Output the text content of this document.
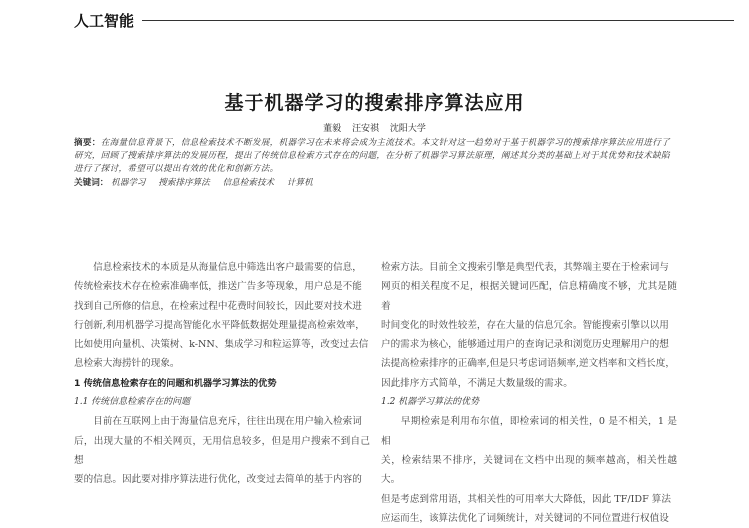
人工智能
基于机器学习的搜索排序算法应用
董毅 汪安祺 沈阳大学
摘要：在海量信息背景下，信息检索技术不断发展，机器学习在未来将会成为主流技术。本文针对这一趋势对于基于机器学习的搜索排序算法应用进行了研究，回顾了搜索排序算法的发展历程，提出了传统信息检索方式存在的问题，在分析了机器学习算法原理，阐述其分类的基础上对于其优势和技术缺陷进行了探讨，希望可以提出有效的优化和创新方法。
关键词： 机器学习 搜索排序算法 信息检索技术 计算机

　　信息检索技术的本质是从海量信息中筛选出客户最需要的信息，

传统检索技术存在检索准确率低，推送广告多等现象，用户总是不能

找到自己所修的信息，在检索过程中花费时间较长，因此要对技术进

行创新,利用机器学习提高智能化水平降低数据处理量提高检索效率，

比如使用向量机、决策树、k-NN、集成学习和粒运算等，改变过去信

息检索大海捞针的现象。

1 传统信息检索存在的问题和机器学习算法的优势

1.1 传统信息检索存在的问题

　　目前在互联网上由于海量信息充斥，往往出现在用户输入检索词

后，出现大量的不相关网页，无用信息较多，但是用户搜索不到自己想

要的信息。因此要对排序算法进行优化，改变过去简单的基于内容的

检索方法。目前全文搜索引擎是典型代表，其弊端主要在于检索词与

网页的相关程度不足，根据关键词匹配，信息精确度不够，尤其是随着

时间变化的时效性较差，存在大量的信息冗余。智能搜索引擎以以用

户的需求为核心，能够通过用户的查询记录和浏览历史理解用户的想

法提高检索排序的正确率,但是只考虑词语频率,逆文档率和文档长度，

因此排序方式简单，不满足大数量级的需求。

1.2 机器学习算法的优势

　　早期检索是利用布尔值，即检索词的相关性，0 是不相关，1 是相

关，检索结果不排序，关键词在文档中出现的频率越高，相关性越大。

但是考虑到常用语，其相关性的可用率大大降低，因此 TF/IDF 算法

应运而生，该算法优化了词频统计，对关键词的不同位置进行权值设
